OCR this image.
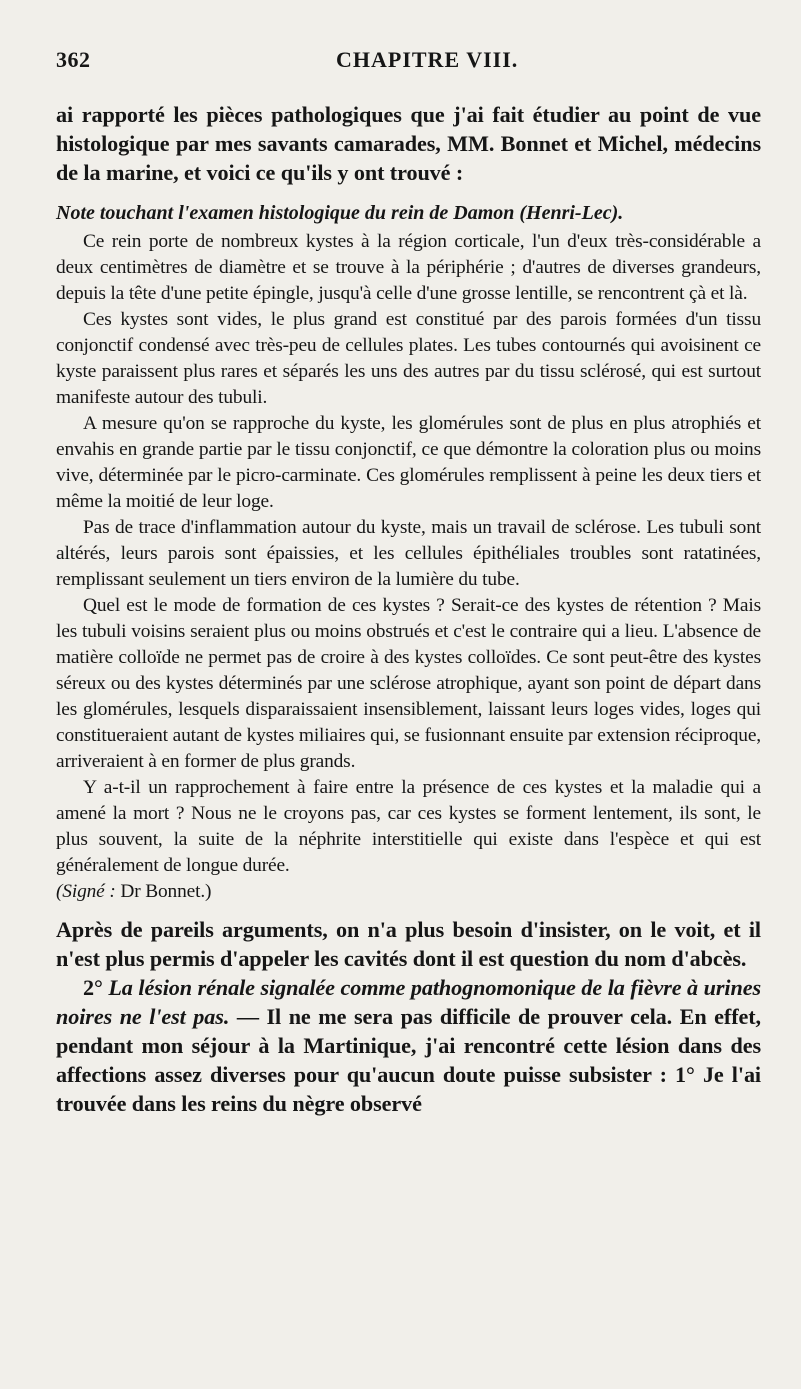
362	CHAPITRE VIII.

ai rapporté les pièces pathologiques que j'ai fait étudier au point de vue histologique par mes savants camarades, MM. Bonnet et Michel, médecins de la marine, et voici ce qu'ils y ont trouvé :

Note touchant l'examen histologique du rein de Damon (Henri-Lec).

Ce rein porte de nombreux kystes à la région corticale, l'un d'eux très-considérable a deux centimètres de diamètre et se trouve à la périphérie ; d'autres de diverses grandeurs, depuis la tête d'une petite épingle, jusqu'à celle d'une grosse lentille, se rencontrent çà et là.

Ces kystes sont vides, le plus grand est constitué par des parois formées d'un tissu conjonctif condensé avec très-peu de cellules plates. Les tubes contournés qui avoisinent ce kyste paraissent plus rares et séparés les uns des autres par du tissu sclérosé, qui est surtout manifeste autour des tubuli.

A mesure qu'on se rapproche du kyste, les glomérules sont de plus en plus atrophiés et envahis en grande partie par le tissu conjonctif, ce que démontre la coloration plus ou moins vive, déterminée par le picro-carminate. Ces glomérules remplissent à peine les deux tiers et même la moitié de leur loge.

Pas de trace d'inflammation autour du kyste, mais un travail de sclérose. Les tubuli sont altérés, leurs parois sont épaissies, et les cellules épithéliales troubles sont ratatinées, remplissant seulement un tiers environ de la lumière du tube.

Quel est le mode de formation de ces kystes ? Serait-ce des kystes de rétention ? Mais les tubuli voisins seraient plus ou moins obstrués et c'est le contraire qui a lieu. L'absence de matière colloïde ne permet pas de croire à des kystes colloïdes. Ce sont peut-être des kystes séreux ou des kystes déterminés par une sclérose atrophique, ayant son point de départ dans les glomérules, lesquels disparaissaient insensiblement, laissant leurs loges vides, loges qui constitueraient autant de kystes miliaires qui, se fusionnant ensuite par extension réciproque, arriveraient à en former de plus grands.

Y a-t-il un rapprochement à faire entre la présence de ces kystes et la maladie qui a amené la mort ? Nous ne le croyons pas, car ces kystes se forment lentement, ils sont, le plus souvent, la suite de la néphrite interstitielle qui existe dans l'espèce et qui est généralement de longue durée.
(Signé : Dr Bonnet.)

Après de pareils arguments, on n'a plus besoin d'insister, on le voit, et il n'est plus permis d'appeler les cavités dont il est question du nom d'abcès.

2° La lésion rénale signalée comme pathognomonique de la fièvre à urines noires ne l'est pas. — Il ne me sera pas difficile de prouver cela. En effet, pendant mon séjour à la Martinique, j'ai rencontré cette lésion dans des affections assez diverses pour qu'aucun doute puisse subsister : 1° Je l'ai trouvée dans les reins du nègre observé
